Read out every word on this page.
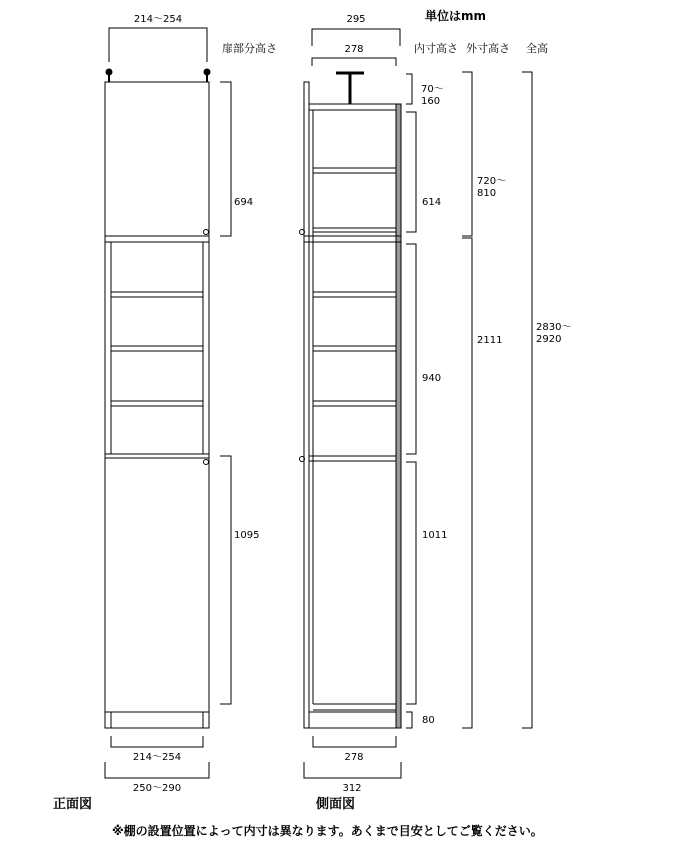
単位はmm
扉部分高さ	内寸高さ 外寸高さ 全高
214～254
694
1095
214～254
250～290
正面図
295
278
70～ 160
614
940
1011
80
278
312
側面図
720～ 810
2111
2830～ 2920
※棚の設置位置によって内寸は異なります。あくまで目安としてご覧ください。
